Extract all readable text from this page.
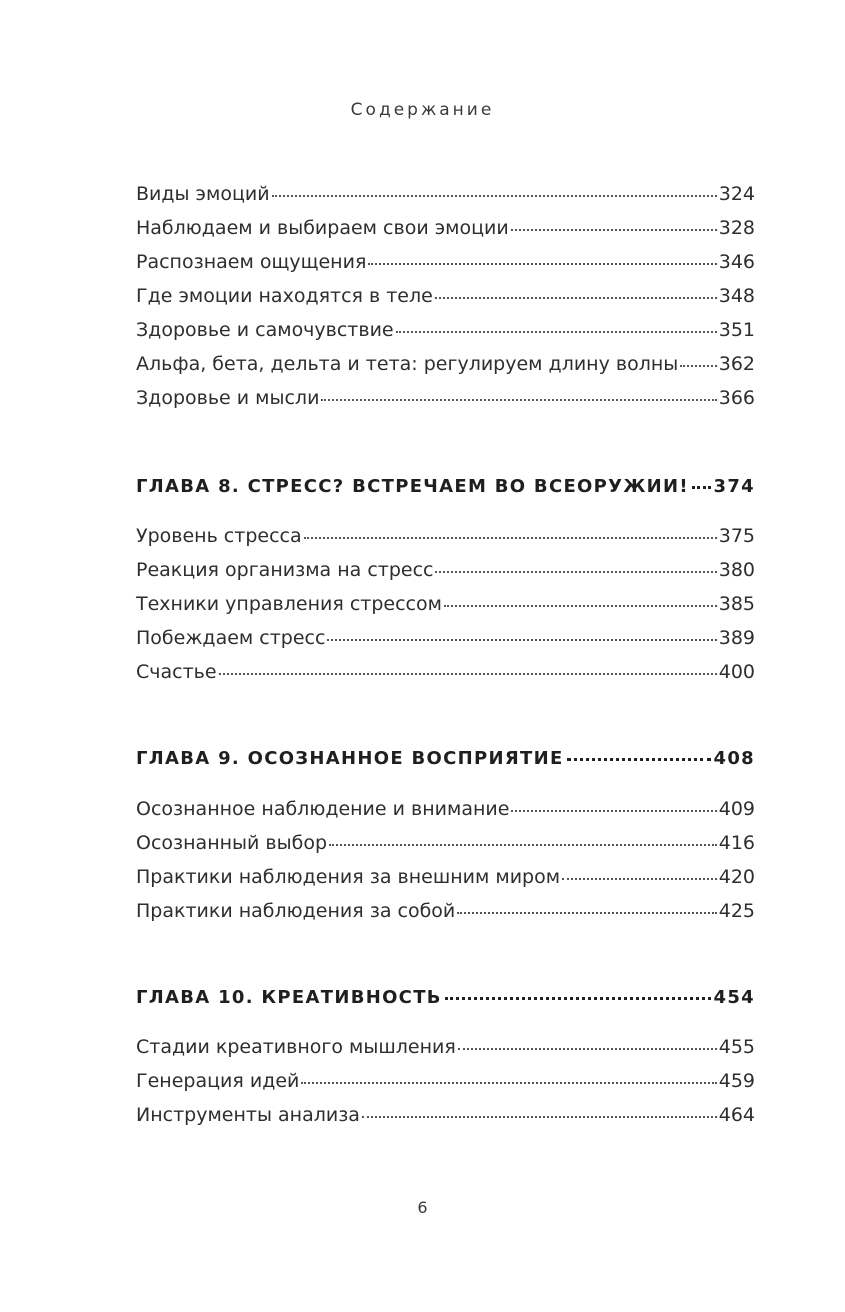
Содержание
Виды эмоций	324
Наблюдаем и выбираем свои эмоции	328
Распознаем ощущения	346
Где эмоции находятся в теле	348
Здоровье и самочувствие	351
Альфа, бета, дельта и тета: регулируем длину волны 362
Здоровье и мысли	366
ГЛАВА 8. СТРЕСС? ВСТРЕЧАЕМ ВО ВСЕОРУЖИИ! 374
Уровень стресса	375
Реакция организма на стресс	380
Техники управления стрессом	385
Побеждаем стресс	389
Счастье	400
ГЛАВА 9. ОСОЗНАННОЕ ВОСПРИЯТИЕ	408
Осознанное наблюдение и внимание	409
Осознанный выбор	416
Практики наблюдения за внешним миром	420
Практики наблюдения за собой	425
ГЛАВА 10. КРЕАТИВНОСТЬ	454
Стадии креативного мышления	455
Генерация идей	459
Инструменты анализа	464
6
